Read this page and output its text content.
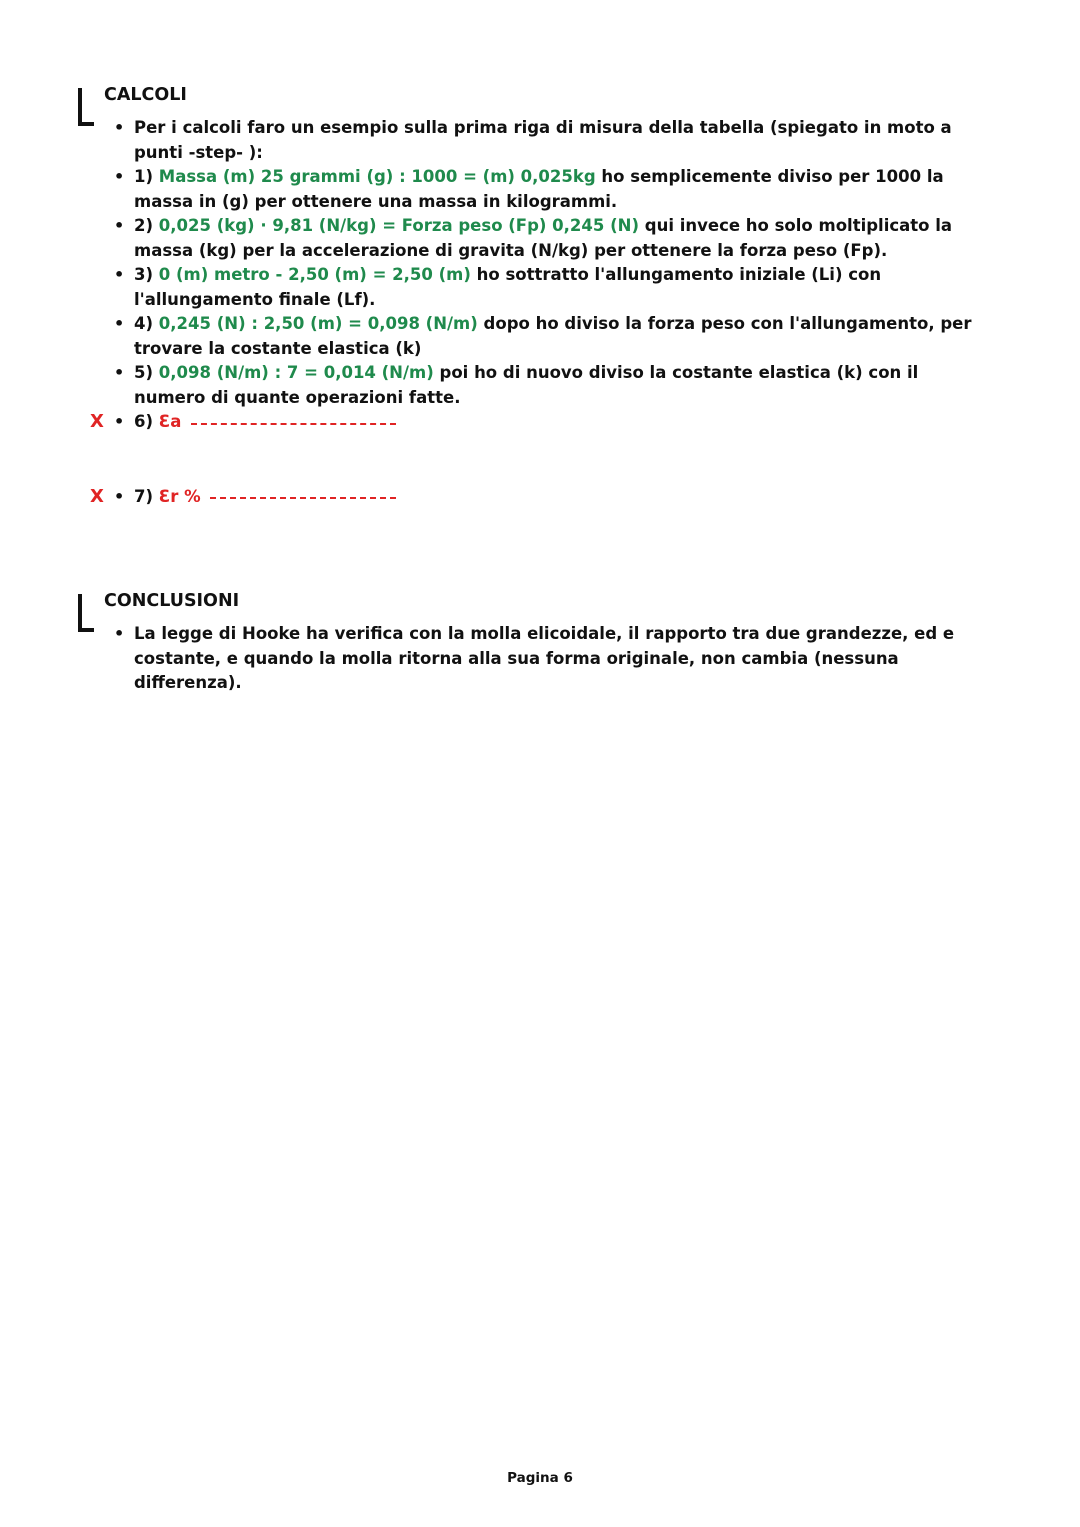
CALCOLI
• Per i calcoli faro un esempio sulla prima riga di misura della tabella (spiegato in moto a punti -step- ):
• 1) Massa (m) 25 grammi (g) : 1000 = (m) 0,025kg ho semplicemente diviso per 1000 la massa in (g) per ottenere una massa in kilogrammi.
• 2) 0,025 (kg) · 9,81 (N/kg) = Forza peso (Fp) 0,245 (N) qui invece ho solo moltiplicato la massa (kg) per la accelerazione di gravita (N/kg) per ottenere la forza peso (Fp).
• 3) 0 (m) metro - 2,50 (m) = 2,50 (m) ho sottratto l'allungamento iniziale (Li) con l'allungamento finale (Lf).
• 4) 0,245 (N) : 2,50 (m) = 0,098 (N/m) dopo ho diviso la forza peso con l'allungamento, per trovare la costante elastica (k)
• 5) 0,098 (N/m) : 7 = 0,014 (N/m) poi ho di nuovo diviso la costante elastica (k) con il numero di quante operazioni fatte.
X • 6) Ɛa
X • 7) Ɛr %
CONCLUSIONI
• La legge di Hooke ha verifica con la molla elicoidale, il rapporto tra due grandezze, ed e costante, e quando la molla ritorna alla sua forma originale, non cambia (nessuna differenza).
Pagina 6
